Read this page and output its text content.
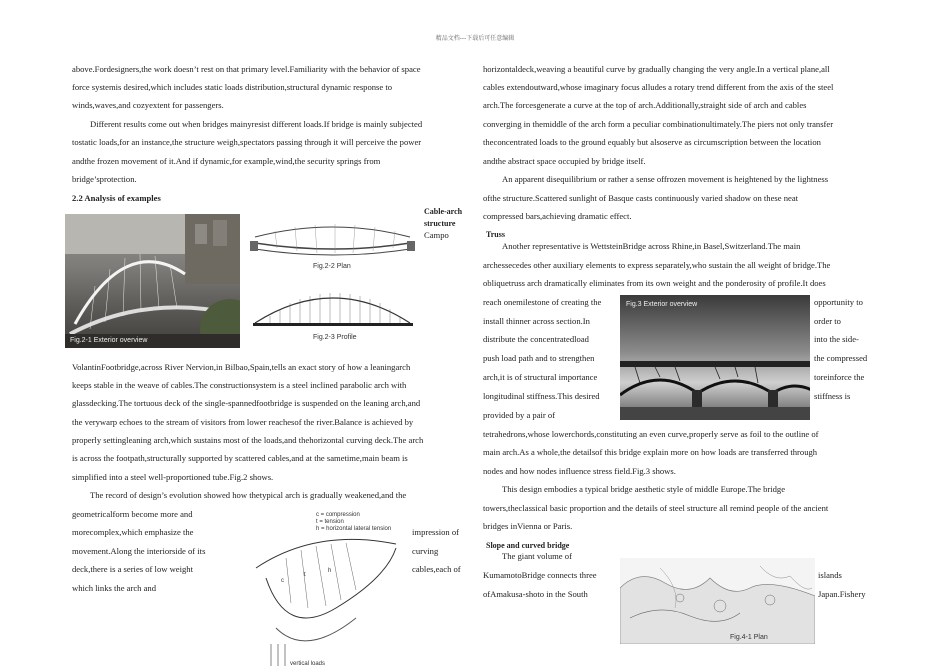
精品文档---下载后可任意编辑
above.Fordesigners,the work doesn’t rest on that primary level.Familiarity with the behavior of space
force systemis desired,which includes static loads distribution,structural dynamic response to
winds,waves,and cozyextent for passengers.
Different results come out when bridges mainyresist different loads.If bridge is mainly subjected
tostatic loads,for an instance,the structure weigh,spectators passing through it will perceive the power
andthe frozen movement of it.And if dynamic,for example,wind,the security springs from
bridge’sprotection.
2.2 Analysis of examples
Fig.2-1 Exterior overview
Fig.2-2 Plan
Fig.2-3 Profile
Cable-arch
structure
Campo
VolantinFootbridge,across River Nervion,in Bilbao,Spain,tells an exact story of how a leaningarch
keeps stable in the weave of cables.The constructionsystem is a steel inclined parabolic arch with
glassdecking.The tortuous deck of the single-spannedfootbridge is suspended on the leaning arch,and
the verywarp echoes to the stream of visitors from lower reachesof the river.Balance is achieved by
properly settingleaning arch,which sustains most of the loads,and thehorizontal curving deck.The arch
is across the footpath,structurally supported by scattered cables,and at the sametime,main beam is
simplified into a steel well-proportioned tube.Fig.2 shows.
The record of design’s evolution showed how thetypical arch is gradually weakened,and the
geometricalform become more and
morecomplex,which emphasize the
movement.Along the interiorside of its
deck,there is a series of low weight
which links the arch and
impression of
curving
cables,each of
c = compression
t = tension
h = horizontal lateral tension
c
t
h
vertical loads
horizontaldeck,weaving a beautiful curve by gradually changing the very angle.In a vertical plane,all
cables extendoutward,whose imaginary focus alludes a rotary trend different from the axis of the steel
arch.The forcesgenerate a curve at the top of arch.Additionally,straight side of arch and cables
converging in themiddle of the arch form a peculiar combinationultimately.The piers not only transfer
theconcentrated loads to the ground equably but alsoserve as circumscription between the location
andthe abstract space occupied by bridge itself.
An apparent disequilibrium or rather a sense offrozen movement is heightened by the lightness
ofthe structure.Scattered sunlight of Basque casts continuously varied shadow on these neat
compressed bars,achieving dramatic effect.
Truss
Another representative is WettsteinBridge across Rhine,in Basel,Switzerland.The main
archessecedes other auxiliary elements to express separately,who sustain the all weight of bridge.The
obliquetruss arch dramatically eliminates from its own weight and the ponderosity of profile.It does
reach onemilestone of creating the
install thinner across section.In
distribute the concentratedload
push load path and to strengthen
arch,it is of structural importance
longitudinal stiffness.This desired
provided by a pair of
opportunity to
order to
into the side-
the compressed
toreinforce the
stiffness is
Fig.3 Exterior overview
tetrahedrons,whose lowerchords,constituting an even curve,properly serve as foil to the outline of
main arch.As a whole,the detailsof this bridge explain more on how loads are transferred through
nodes and how nodes influence stress field.Fig.3 shows.
This design embodies a typical bridge aesthetic style of middle Europe.The bridge
towers,theclassical basic proportion and the details of steel structure all remind people of the ancient
bridges inVienna or Paris.
Slope and curved bridge
The giant volume of
KumamotoBridge connects three
ofAmakusa-shoto in the South
islands
Japan.Fishery
Fig.4-1 Plan
